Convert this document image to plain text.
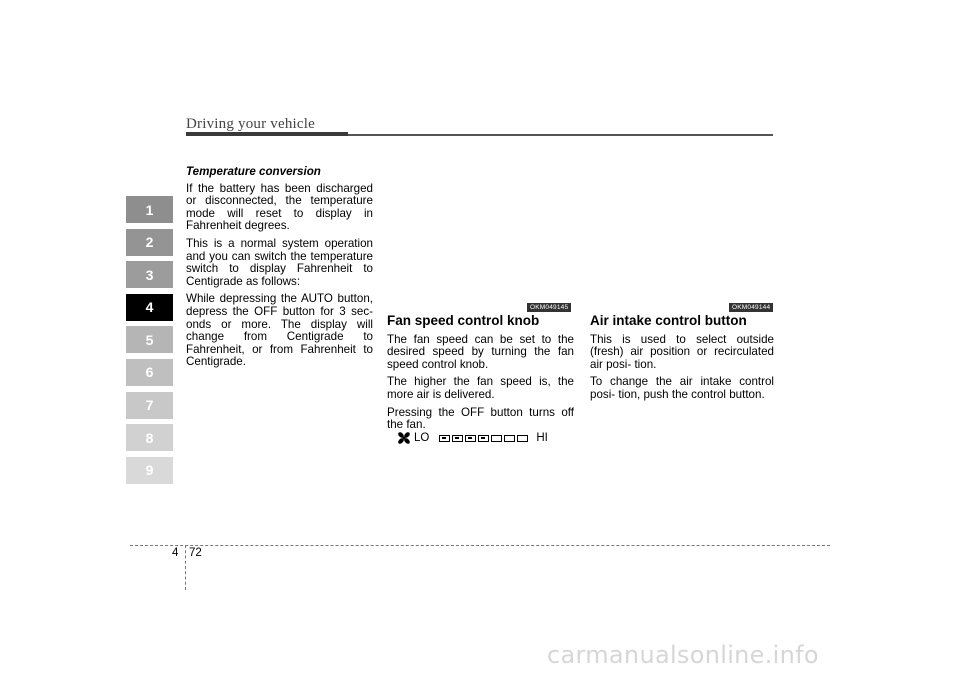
Driving your vehicle
1
2
3
4
5
6
7
8
9
Temperature conversion

If the battery has been discharged or disconnected, the temperature mode will reset to display in Fahrenheit degrees.

This is a normal system operation and you can switch the temperature switch to display Fahrenheit to Centigrade as follows:

While depressing the AUTO button, depress the OFF button for 3 sec- onds or more. The display will change from Centigrade to Fahrenheit, or from Fahrenheit to Centigrade.

OKM049145
Fan speed control knob

The fan speed can be set to the desired speed by turning the fan speed control knob.

The higher the fan speed is, the more air is delivered.

Pressing the OFF button turns off the fan.

LO	HI
OKM049144
Air intake control button

This is used to select outside (fresh) air position or recirculated air posi- tion.

To change the air intake control posi- tion, push the control button.

4 72
carmanualsonline.info
